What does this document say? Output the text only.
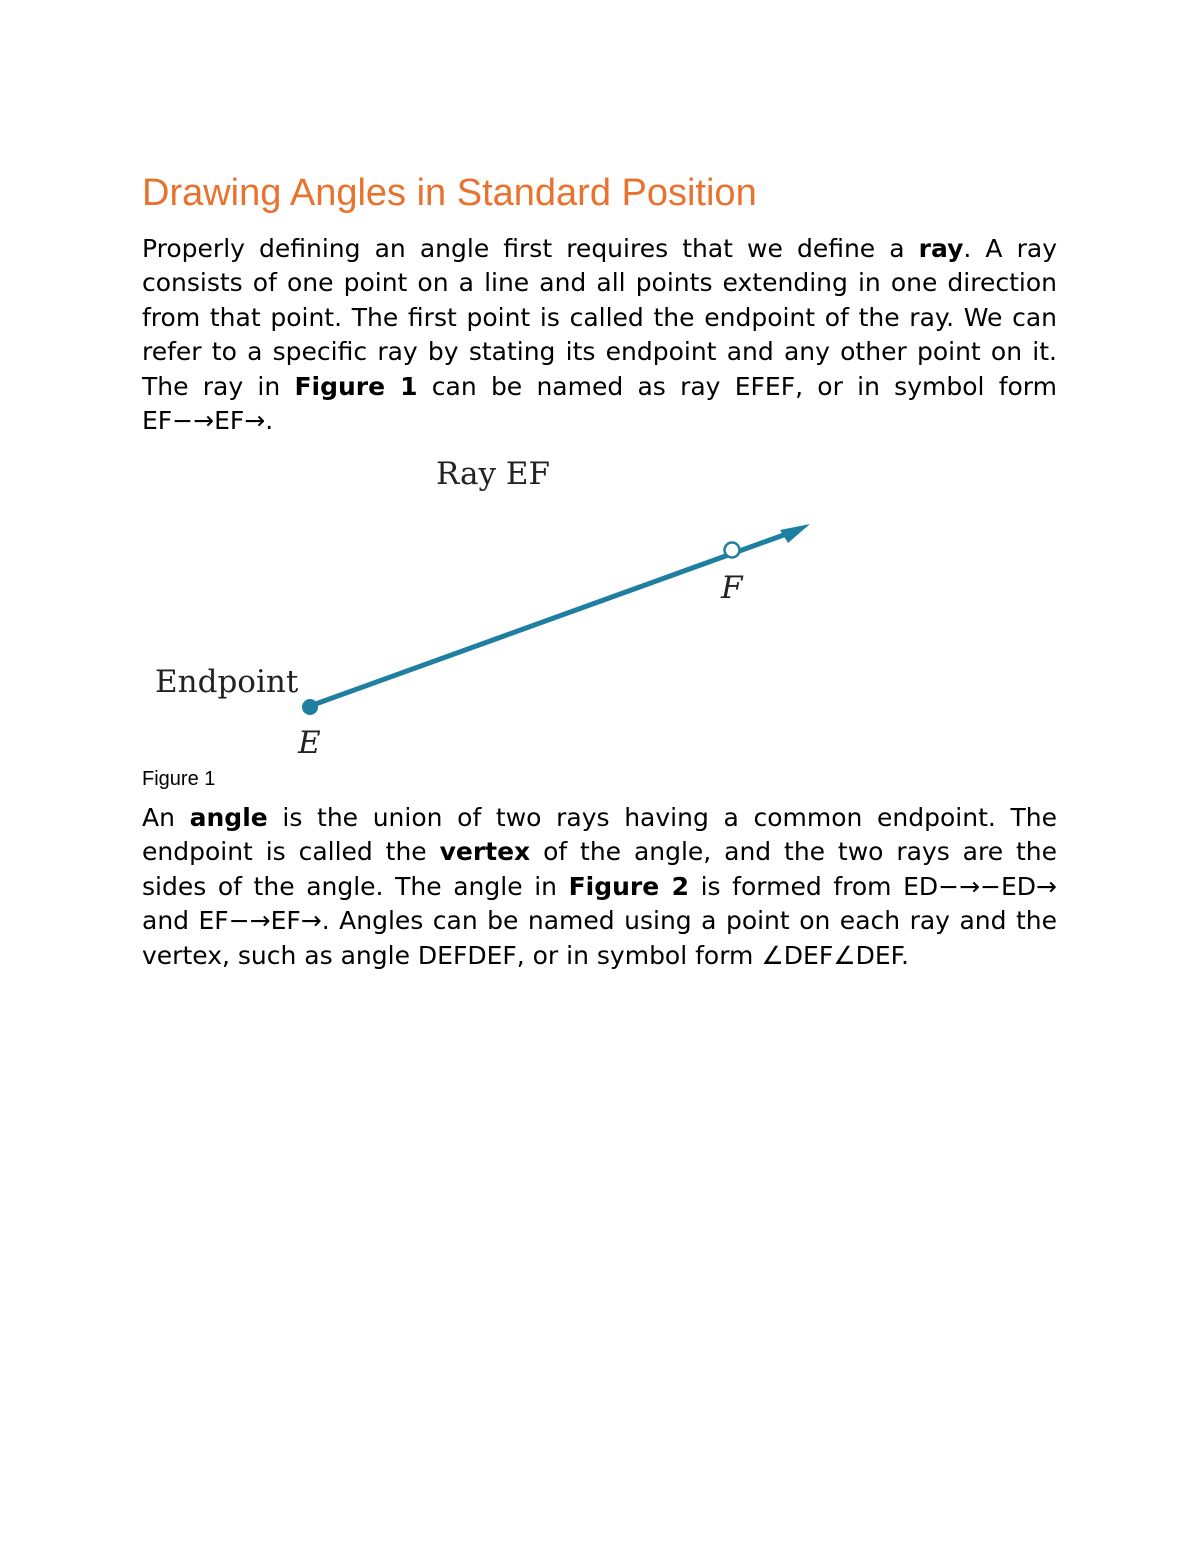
Drawing Angles in Standard Position

Properly defining an angle first requires that we define a ray. A ray consists of one point on a line and all points extending in one direction from that point. The first point is called the endpoint of the ray. We can refer to a specific ray by stating its endpoint and any other point on it. The ray in Figure 1 can be named as ray EFEF, or in symbol form EF−→EF→.

Ray EF
Endpoint
E
F

Figure 1

An angle is the union of two rays having a common endpoint. The endpoint is called the vertex of the angle, and the two rays are the sides of the angle. The angle in Figure 2 is formed from ED−→−ED→ and EF−→EF→. Angles can be named using a point on each ray and the vertex, such as angle DEFDEF, or in symbol form ∠DEF∠DEF.
